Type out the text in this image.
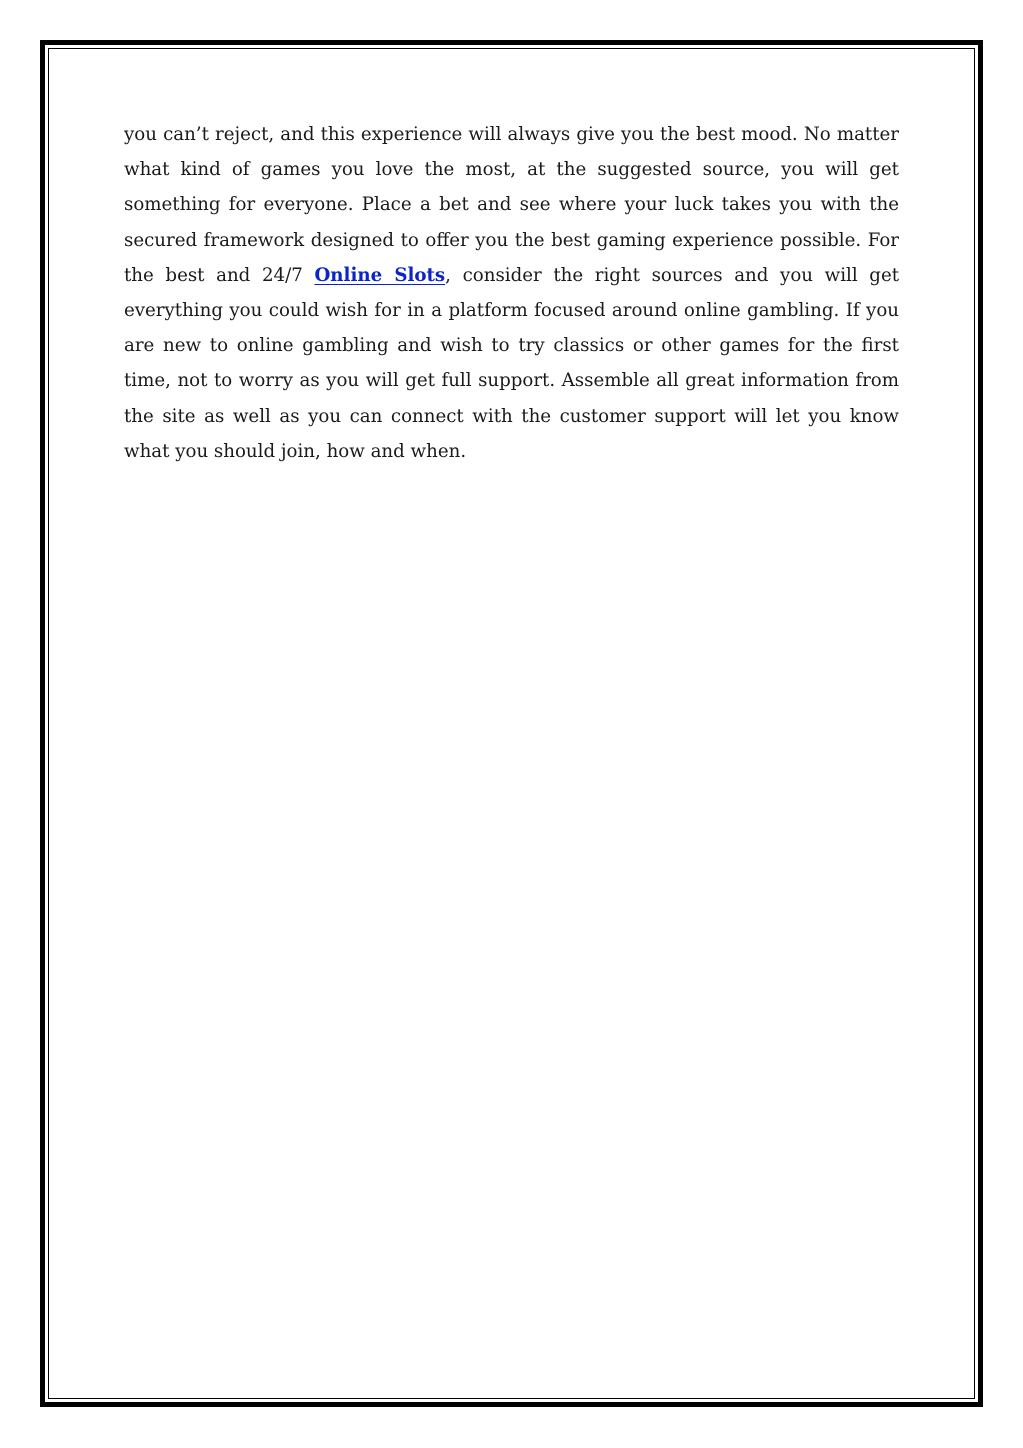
you can’t reject, and this experience will always give you the best mood. No matter what kind of games you love the most, at the suggested source, you will get something for everyone. Place a bet and see where your luck takes you with the secured framework designed to offer you the best gaming experience possible. For the best and 24/7 Online Slots, consider the right sources and you will get everything you could wish for in a platform focused around online gambling. If you are new to online gambling and wish to try classics or other games for the first time, not to worry as you will get full support. Assemble all great information from the site as well as you can connect with the customer support will let you know what you should join, how and when.
